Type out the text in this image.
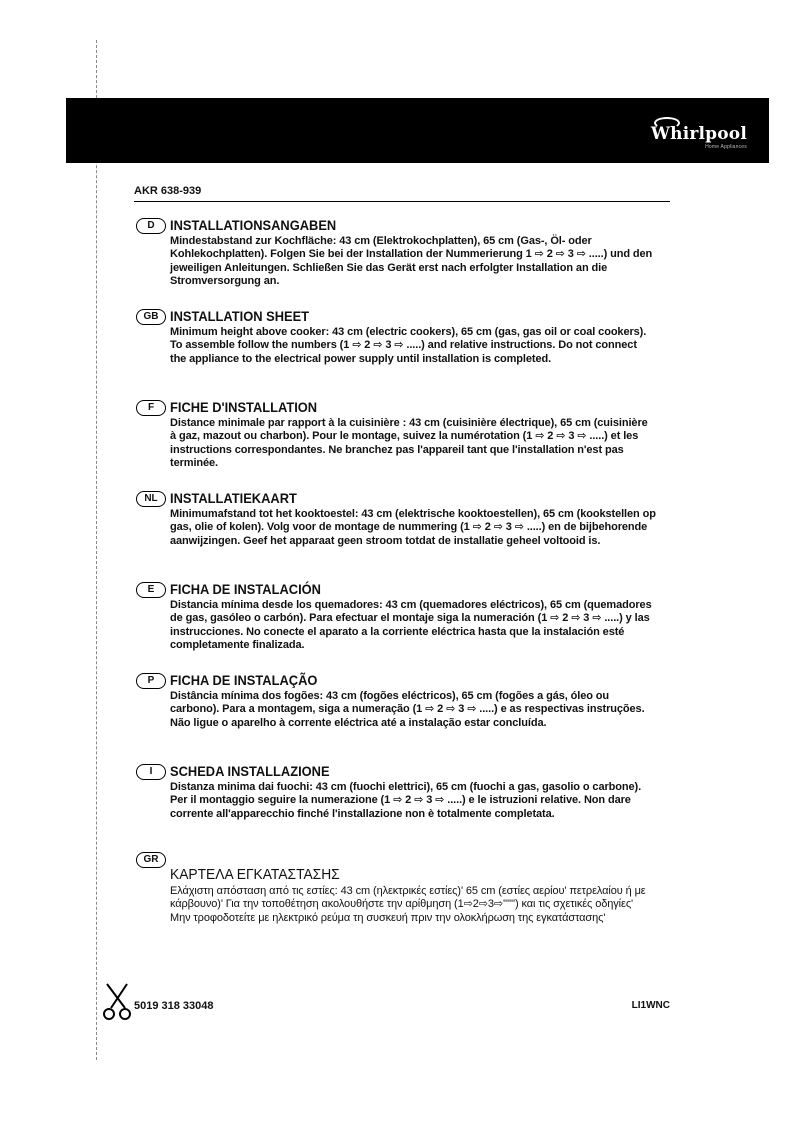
Whirlpool
Home Appliances
AKR 638-939
D	INSTALLATIONSANGABEN
Mindestabstand zur Kochfläche: 43 cm (Elektrokochplatten), 65 cm (Gas-, Öl- oder Kohlekochplatten). Folgen Sie bei der Installation der Nummerierung 1 ⇨ 2 ⇨ 3 ⇨ .....) und den jeweiligen Anleitungen. Schließen Sie das Gerät erst nach erfolgter Installation an die Stromversorgung an.
GB INSTALLATION SHEET
Minimum height above cooker: 43 cm (electric cookers), 65 cm (gas, gas oil or coal cookers). To assemble follow the numbers (1 ⇨ 2 ⇨ 3 ⇨ .....) and relative instructions. Do not connect the appliance to the electrical power supply until installation is completed.
F	FICHE D'INSTALLATION
Distance minimale par rapport à la cuisinière : 43 cm (cuisinière électrique), 65 cm (cuisinière à gaz, mazout ou charbon). Pour le montage, suivez la numérotation (1 ⇨ 2 ⇨ 3 ⇨ .....) et les instructions correspondantes. Ne branchez pas l'appareil tant que l'installation n'est pas terminée.
NL INSTALLATIEKAART
Minimumafstand tot het kooktoestel: 43 cm (elektrische kooktoestellen), 65 cm (kookstellen op gas, olie of kolen). Volg voor de montage de nummering (1 ⇨ 2 ⇨ 3 ⇨ .....) en de bijbehorende aanwijzingen. Geef het apparaat geen stroom totdat de installatie geheel voltooid is.
E	FICHA DE INSTALACIÓN
Distancia mínima desde los quemadores: 43 cm (quemadores eléctricos), 65 cm (quemadores de gas, gasóleo o carbón). Para efectuar el montaje siga la numeración (1 ⇨ 2 ⇨ 3 ⇨ .....) y las instrucciones. No conecte el aparato a la corriente eléctrica hasta que la instalación esté completamente finalizada.
P	FICHA DE INSTALAÇÃO
Distância mínima dos fogões: 43 cm (fogões eléctricos), 65 cm (fogões a gás, óleo ou carbono). Para a montagem, siga a numeração (1 ⇨ 2 ⇨ 3 ⇨ .....) e as respectivas instruções. Não ligue o aparelho à corrente eléctrica até a instalação estar concluída.
I	SCHEDA INSTALLAZIONE
Distanza minima dai fuochi: 43 cm (fuochi elettrici), 65 cm (fuochi a gas, gasolio o carbone). Per il montaggio seguire la numerazione (1 ⇨ 2 ⇨ 3 ⇨ .....) e le istruzioni relative. Non dare corrente all'apparecchio finché l'installazione non è totalmente completata.
GR
ΚΑΡΤΕΛΑ ΕΓΚΑΤΑΣΤΑΣΗΣ
Ελάχιστη απόσταση από τις εστίες: 43 cm (ηλεκτρικές εστίες)' 65 cm (εστίες αερίου' πετρελαίου ή με κάρβουνο)' Για την τοποθέτηση ακολουθήστε την αρίθμηση (1⇨2⇨3⇨'''''') και τις σχετικές οδηγίες' Μην τροφοδοτείτε με ηλεκτρικό ρεύμα τη συσκευή πριν την ολοκλήρωση της εγκατάστασης'
5019 318 33048	LI1WNC
